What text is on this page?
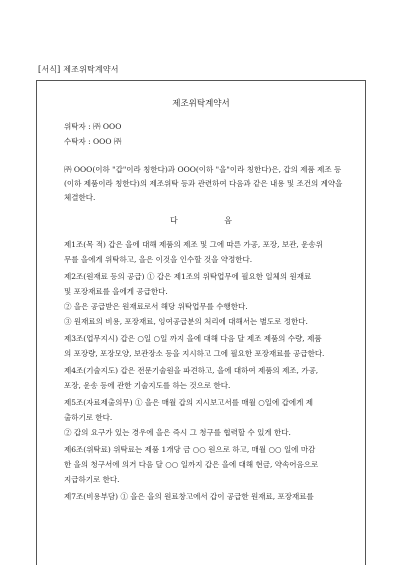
[서식] 제조위탁계약서
제조위탁계약서
위탁자 : ㈜ OOO
수탁자 : OOO ㈜
㈜ OOO(이하 "갑"이라 칭한다)과 OOO(이하 "을"이라 칭한다)은, 갑의 제품 제조 등(이하 제품이라 칭한다)의 제조위탁 등과 관련하여 다음과 같은 내용 및 조건의 계약을 체결한다.
다 음

제1조(목 적) 갑은 을에 대해 제품의 제조 및 그에 따른 가공, 포장, 보관, 운송위

무를 을에게 위탁하고, 을은 이것을 인수할 것을 약정한다.

제2조(원재료 등의 공급) ① 갑은 제1조의 위탁업무에 필요한 일체의 원재료

및 포장재료를 을에게 공급한다.

② 을은 공급받은 원재료로서 해당 위탁업무를 수행한다.

③ 원재료의 비용, 포장재료, 잉여공급분의 처리에 대해서는 별도로 정한다.

제3조(업무지시) 갑은 ○일 ○일 까지 을에 대해 다음 달 제조 제품의 수량, 제품

의 포장량, 포장모양, 보관장소 등을 지시하고 그에 필요한 포장재료를 공급한다.

제4조(기술지도) 갑은 전문기술원을 파견하고, 을에 대하여 제품의 제조, 가공,

포장, 운송 등에 관한 기술지도를 하는 것으로 한다.

제5조(자료제출의무) ① 을은 매월 갑의 지시보고서를 매월 ○일에 갑에게 제

출하기로 한다.

② 갑의 요구가 있는 경우에 을은 즉시 그 청구를 협력할 수 있게 한다.

제6조(위탁료) 위탁료는 제품 1개당 금 ○○ 원으로 하고, 매월 ○○ 일에 마감

한 을의 청구서에 의거 다음 달 ○○ 일까지 갑은 을에 대해 현금, 약속어음으로

지급하기로 한다.

제7조(비용부담) ① 을은 을의 원료창고에서 갑이 공급한 원재료, 포장재료를
